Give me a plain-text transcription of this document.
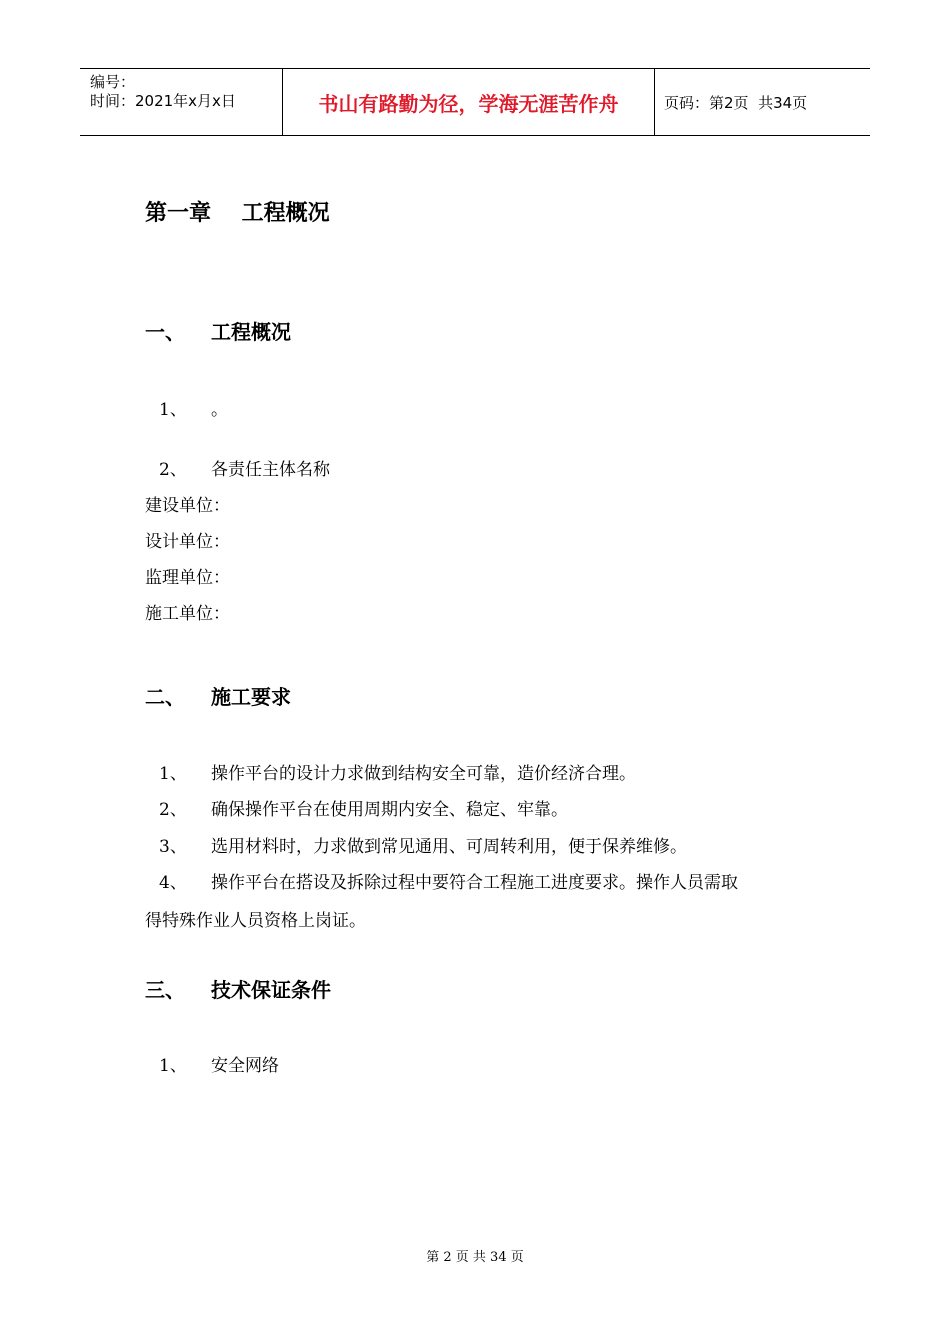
编号：
时间：2021年x月x日	书山有路勤为径，学海无涯苦作舟	页码：第2页  共34页
第一章    工程概况
一、 工程概况
1、 。
2、 各责任主体名称
建设单位：
设计单位：
监理单位：
施工单位：
二、 施工要求
1、 操作平台的设计力求做到结构安全可靠，造价经济合理。
2、 确保操作平台在使用周期内安全、稳定、牢靠。
3、 选用材料时，力求做到常见通用、可周转利用，便于保养维修。
4、 操作平台在搭设及拆除过程中要符合工程施工进度要求。操作人员需取
得特殊作业人员资格上岗证。
三、 技术保证条件
1、 安全网络
第 2 页 共 34 页
